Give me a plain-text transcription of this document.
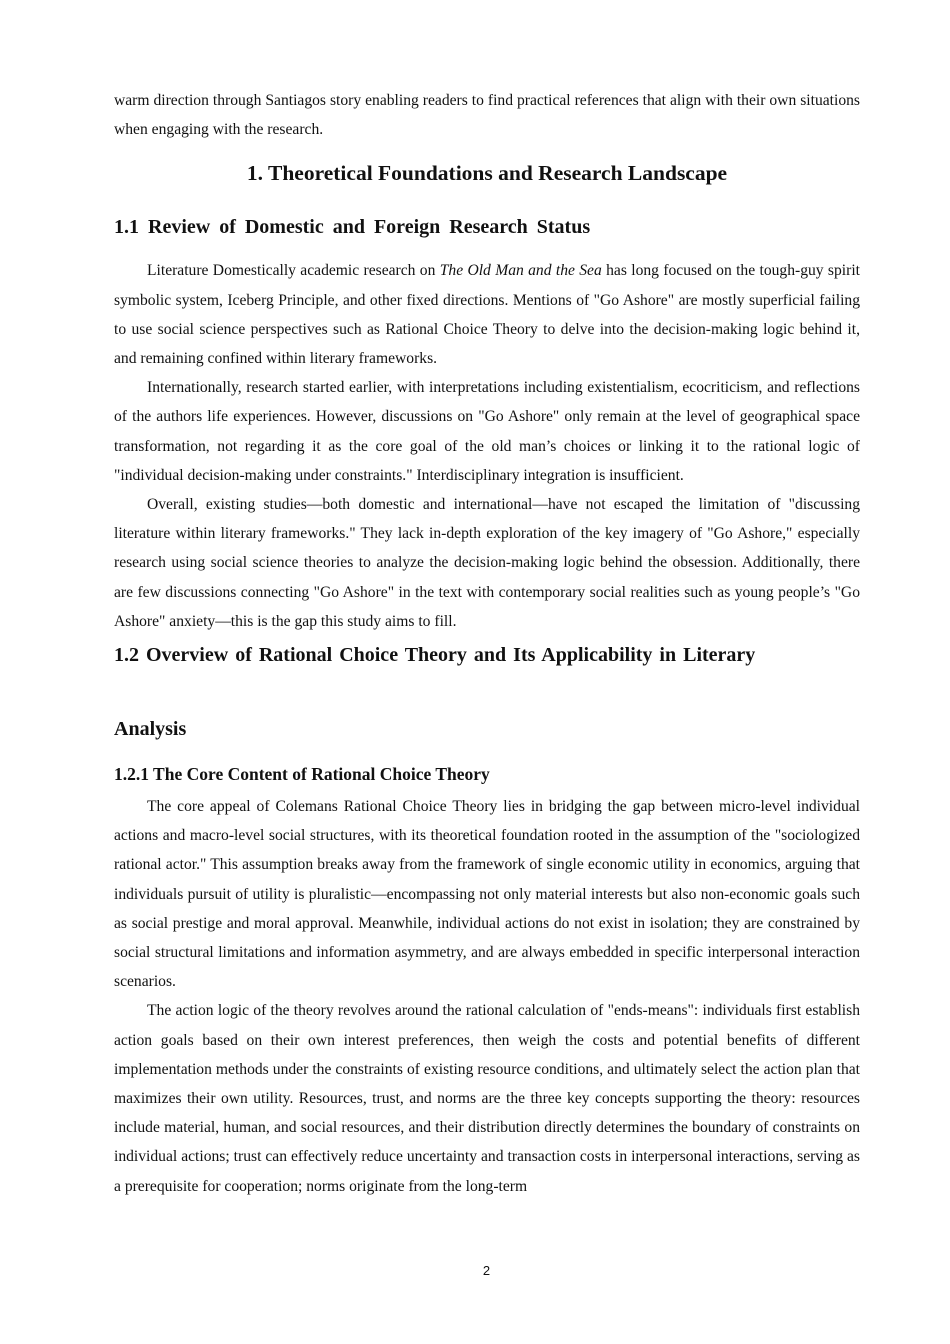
warm direction through Santiagos story enabling readers to find practical references that align with their own situations when engaging with the research.

1. Theoretical Foundations and Research Landscape
1.1 Review of Domestic and Foreign Research Status

Literature Domestically academic research on The Old Man and the Sea has long focused on the tough-guy spirit symbolic system, Iceberg Principle, and other fixed directions. Mentions of "Go Ashore" are mostly superficial failing to use social science perspectives such as Rational Choice Theory to delve into the decision-making logic behind it, and remaining confined within literary frameworks.

Internationally, research started earlier, with interpretations including existentialism, ecocriticism, and reflections of the authors life experiences. However, discussions on "Go Ashore" only remain at the level of geographical space transformation, not regarding it as the core goal of the old man’s choices or linking it to the rational logic of "individual decision-making under constraints." Interdisciplinary integration is insufficient.

Overall, existing studies—both domestic and international—have not escaped the limitation of "discussing literature within literary frameworks." They lack in-depth exploration of the key imagery of "Go Ashore," especially research using social science theories to analyze the decision-making logic behind the obsession. Additionally, there are few discussions connecting "Go Ashore" in the text with contemporary social realities such as young people’s "Go Ashore" anxiety—this is the gap this study aims to fill.

1.2 Overview of Rational Choice Theory and Its Applicability in Literary
Analysis
1.2.1 The Core Content of Rational Choice Theory

The core appeal of Colemans Rational Choice Theory lies in bridging the gap between micro-level individual actions and macro-level social structures, with its theoretical foundation rooted in the assumption of the "sociologized rational actor." This assumption breaks away from the framework of single economic utility in economics, arguing that individuals pursuit of utility is pluralistic—encompassing not only material interests but also non-economic goals such as social prestige and moral approval. Meanwhile, individual actions do not exist in isolation; they are constrained by social structural limitations and information asymmetry, and are always embedded in specific interpersonal interaction scenarios.

The action logic of the theory revolves around the rational calculation of "ends-means": individuals first establish action goals based on their own interest preferences, then weigh the costs and potential benefits of different implementation methods under the constraints of existing resource conditions, and ultimately select the action plan that maximizes their own utility. Resources, trust, and norms are the three key concepts supporting the theory: resources include material, human, and social resources, and their distribution directly determines the boundary of constraints on individual actions; trust can effectively reduce uncertainty and transaction costs in interpersonal interactions, serving as a prerequisite for cooperation; norms originate from the long-term

2
